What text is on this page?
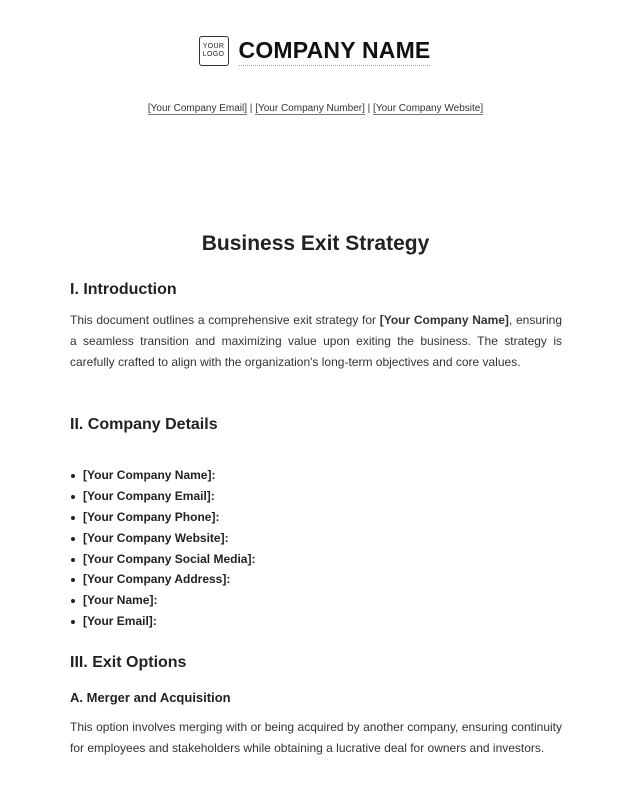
YOUR
LOGO COMPANY NAME
[Your Company Email] | [Your Company Number] | [Your Company Website]
Business Exit Strategy
I. Introduction
This document outlines a comprehensive exit strategy for [Your Company Name], ensuring a seamless transition and maximizing value upon exiting the business. The strategy is carefully crafted to align with the organization's long-term objectives and core values.
II. Company Details
[Your Company Name]:
[Your Company Email]:
[Your Company Phone]:
[Your Company Website]:
[Your Company Social Media]:
[Your Company Address]:
[Your Name]:
[Your Email]:
III. Exit Options
A. Merger and Acquisition
This option involves merging with or being acquired by another company, ensuring continuity for employees and stakeholders while obtaining a lucrative deal for owners and investors.
